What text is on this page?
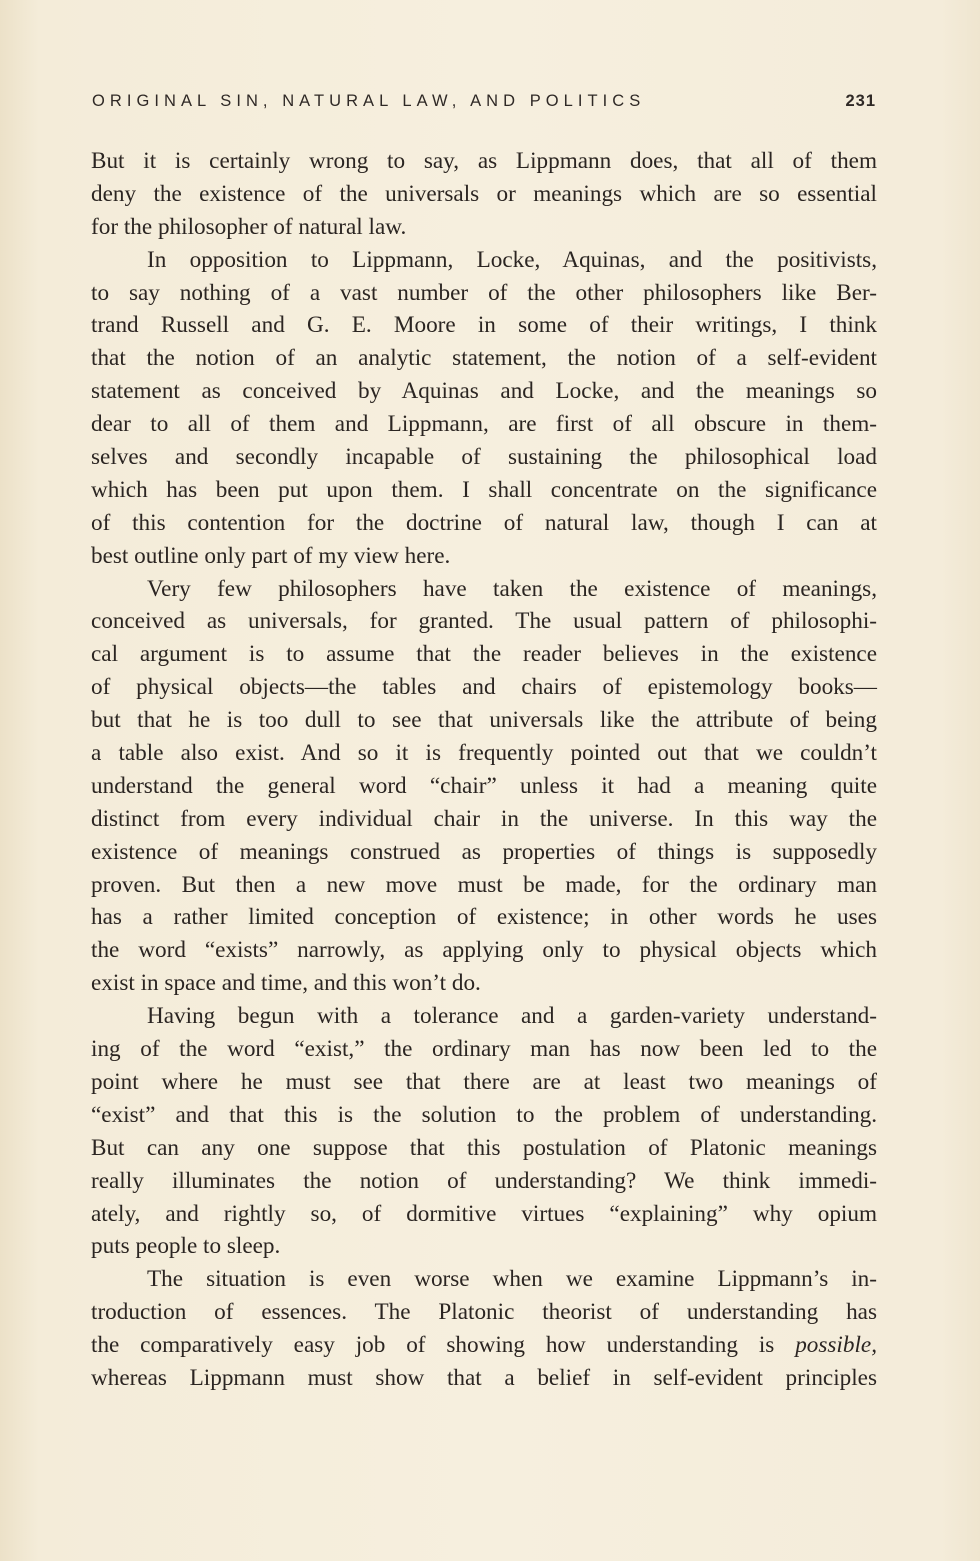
ORIGINAL SIN, NATURAL LAW, AND POLITICS	231
But it is certainly wrong to say, as Lippmann does, that all of them
deny the existence of the universals or meanings which are so essential
for the philosopher of natural law.
In opposition to Lippmann, Locke, Aquinas, and the positivists,
to say nothing of a vast number of the other philosophers like Ber-
trand Russell and G. E. Moore in some of their writings, I think
that the notion of an analytic statement, the notion of a self-evident
statement as conceived by Aquinas and Locke, and the meanings so
dear to all of them and Lippmann, are first of all obscure in them-
selves and secondly incapable of sustaining the philosophical load
which has been put upon them. I shall concentrate on the significance
of this contention for the doctrine of natural law, though I can at
best outline only part of my view here.
Very few philosophers have taken the existence of meanings,
conceived as universals, for granted. The usual pattern of philosophi-
cal argument is to assume that the reader believes in the existence
of physical objects—the tables and chairs of epistemology books—
but that he is too dull to see that universals like the attribute of being
a table also exist. And so it is frequently pointed out that we couldn’t
understand the general word “chair” unless it had a meaning quite
distinct from every individual chair in the universe. In this way the
existence of meanings construed as properties of things is supposedly
proven. But then a new move must be made, for the ordinary man
has a rather limited conception of existence; in other words he uses
the word “exists” narrowly, as applying only to physical objects which
exist in space and time, and this won’t do.
Having begun with a tolerance and a garden-variety understand-
ing of the word “exist,” the ordinary man has now been led to the
point where he must see that there are at least two meanings of
“exist” and that this is the solution to the problem of understanding.
But can any one suppose that this postulation of Platonic meanings
really illuminates the notion of understanding? We think immedi-
ately, and rightly so, of dormitive virtues “explaining” why opium
puts people to sleep.
The situation is even worse when we examine Lippmann’s in-
troduction of essences. The Platonic theorist of understanding has
the comparatively easy job of showing how understanding is possible,
whereas Lippmann must show that a belief in self-evident principles
